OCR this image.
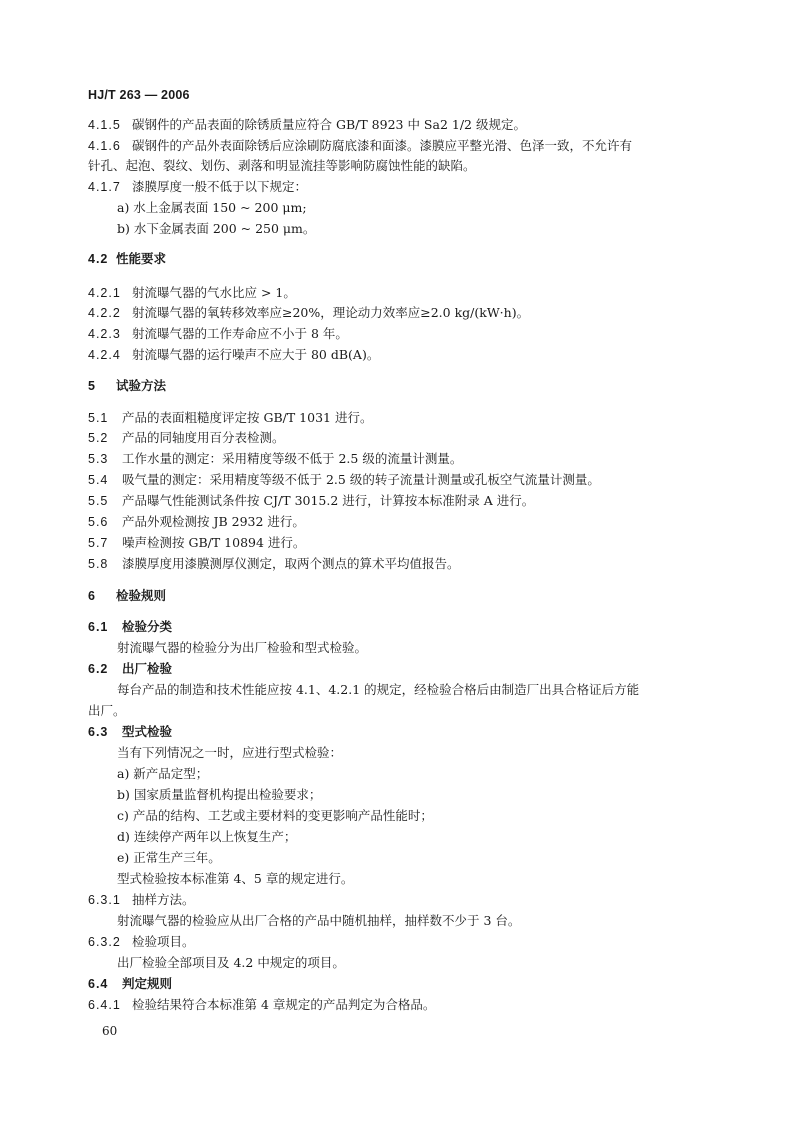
HJ/T 263 — 2006
4.1.5 碳钢件的产品表面的除锈质量应符合 GB/T 8923 中 Sa2 1/2 级规定。
4.1.6 碳钢件的产品外表面除锈后应涂刷防腐底漆和面漆。漆膜应平整光滑、色泽一致，不允许有
针孔、起泡、裂纹、划伤、剥落和明显流挂等影响防腐蚀性能的缺陷。
4.1.7 漆膜厚度一般不低于以下规定：
a) 水上金属表面 150 ~ 200 μm;
b) 水下金属表面 200 ~ 250 μm。
4.2 性能要求
4.2.1 射流曝气器的气水比应 > 1。
4.2.2 射流曝气器的氧转移效率应≥20%，理论动力效率应≥2.0 kg/(kW·h)。
4.2.3 射流曝气器的工作寿命应不小于 8 年。
4.2.4 射流曝气器的运行噪声不应大于 80 dB(A)。
5 试验方法
5.1 产品的表面粗糙度评定按 GB/T 1031 进行。
5.2 产品的同轴度用百分表检测。
5.3 工作水量的测定：采用精度等级不低于 2.5 级的流量计测量。
5.4 吸气量的测定：采用精度等级不低于 2.5 级的转子流量计测量或孔板空气流量计测量。
5.5 产品曝气性能测试条件按 CJ/T 3015.2 进行，计算按本标准附录 A 进行。
5.6 产品外观检测按 JB 2932 进行。
5.7 噪声检测按 GB/T 10894 进行。
5.8 漆膜厚度用漆膜测厚仪测定，取两个测点的算术平均值报告。
6 检验规则
6.1 检验分类
射流曝气器的检验分为出厂检验和型式检验。
6.2 出厂检验
每台产品的制造和技术性能应按 4.1、4.2.1 的规定，经检验合格后由制造厂出具合格证后方能
出厂。
6.3 型式检验
当有下列情况之一时，应进行型式检验：
a) 新产品定型；
b) 国家质量监督机构提出检验要求；
c) 产品的结构、工艺或主要材料的变更影响产品性能时；
d) 连续停产两年以上恢复生产；
e) 正常生产三年。
型式检验按本标准第 4、5 章的规定进行。
6.3.1 抽样方法。
射流曝气器的检验应从出厂合格的产品中随机抽样，抽样数不少于 3 台。
6.3.2 检验项目。
出厂检验全部项目及 4.2 中规定的项目。
6.4 判定规则
6.4.1 检验结果符合本标准第 4 章规定的产品判定为合格品。
60
